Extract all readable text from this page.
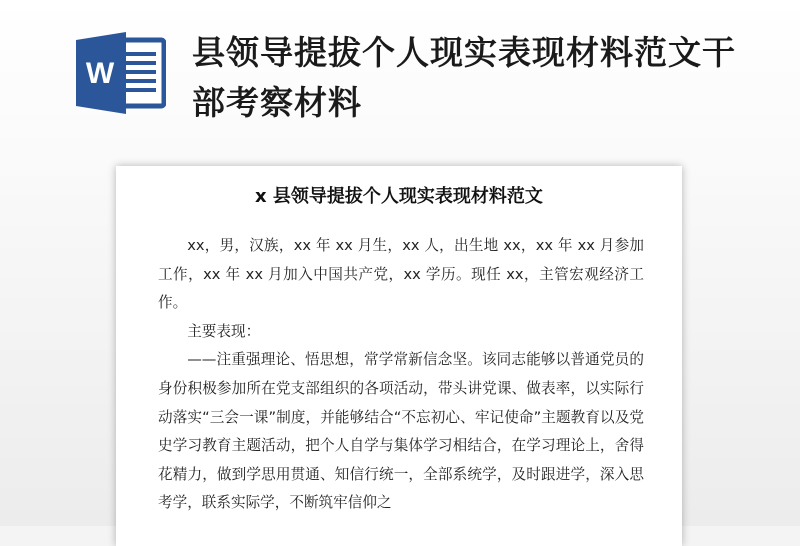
W
县领导提拔个人现实表现材料范文干部考察材料
x 县领导提拔个人现实表现材料范文

xx，男，汉族，xx 年 xx 月生，xx 人，出生地 xx，xx 年 xx 月参加工作，xx 年 xx 月加入中国共产党，xx 学历。现任 xx，主管宏观经济工作。

主要表现：

——注重强理论、悟思想，常学常新信念坚。该同志能够以普通党员的身份积极参加所在党支部组织的各项活动，带头讲党课、做表率，以实际行动落实“三会一课”制度，并能够结合“不忘初心、牢记使命”主题教育以及党史学习教育主题活动，把个人自学与集体学习相结合，在学习理论上，舍得花精力，做到学思用贯通、知信行统一，全部系统学，及时跟进学，深入思考学，联系实际学，不断筑牢信仰之
